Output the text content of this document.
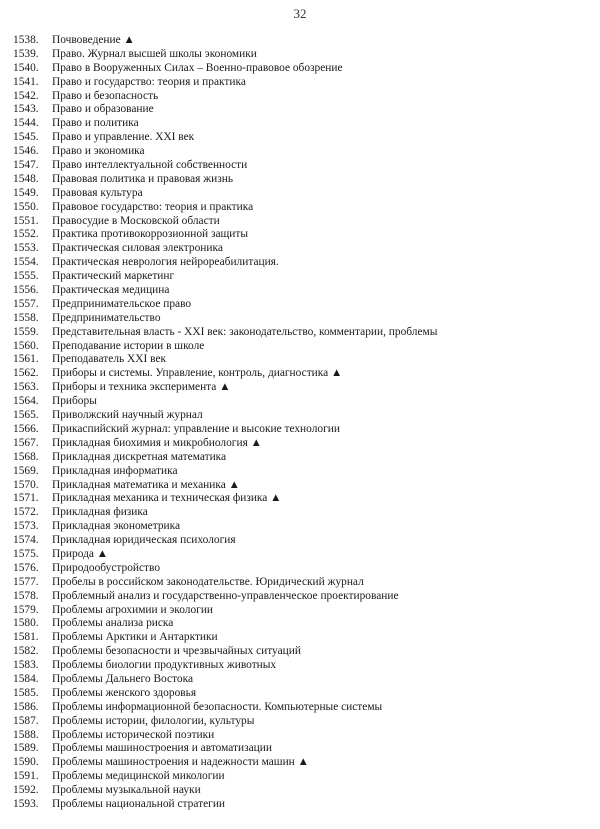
32
1538.	Почвоведение ▲
1539.	Право. Журнал высшей школы экономики
1540.	Право в Вооруженных Силах – Военно-правовое обозрение
1541.	Право и государство: теория и практика
1542.	Право и безопасность
1543.	Право и образование
1544.	Право и политика
1545.	Право и управление. XXI век
1546.	Право и экономика
1547.	Право интеллектуальной собственности
1548.	Правовая политика и правовая жизнь
1549.	Правовая культура
1550.	Правовое государство: теория и практика
1551.	Правосудие в Московской области
1552.	Практика противокоррозионной защиты
1553.	Практическая силовая электроника
1554.	Практическая неврология нейрореабилитация.
1555.	Практический маркетинг
1556.	Практическая медицина
1557.	Предпринимательское право
1558.	Предпринимательство
1559.	Представительная власть - XXI век: законодательство, комментарии, проблемы
1560.	Преподавание истории в школе
1561.	Преподаватель XXI век
1562.	Приборы и системы. Управление, контроль, диагностика ▲
1563.	Приборы и техника эксперимента ▲
1564.	Приборы
1565.	Приволжский научный журнал
1566.	Прикаспийский журнал: управление и высокие технологии
1567.	Прикладная биохимия и микробиология ▲
1568.	Прикладная дискретная математика
1569.	Прикладная информатика
1570.	Прикладная математика и механика ▲
1571.	Прикладная механика и техническая физика ▲
1572.	Прикладная физика
1573.	Прикладная эконометрика
1574.	Прикладная юридическая психология
1575.	Природа ▲
1576.	Природообустройство
1577.	Пробелы в российском законодательстве. Юридический журнал
1578.	Проблемный анализ и государственно-управленческое проектирование
1579.	Проблемы агрохимии и экологии
1580.	Проблемы анализа риска
1581.	Проблемы Арктики и Антарктики
1582.	Проблемы безопасности и чрезвычайных ситуаций
1583.	Проблемы биологии продуктивных животных
1584.	Проблемы Дальнего Востока
1585.	Проблемы женского здоровья
1586.	Проблемы информационной безопасности. Компьютерные системы
1587.	Проблемы истории, филологии, культуры
1588.	Проблемы исторической поэтики
1589.	Проблемы машиностроения и автоматизации
1590.	Проблемы машиностроения и надежности машин ▲
1591.	Проблемы медицинской микологии
1592.	Проблемы музыкальной науки
1593.	Проблемы национальной стратегии
